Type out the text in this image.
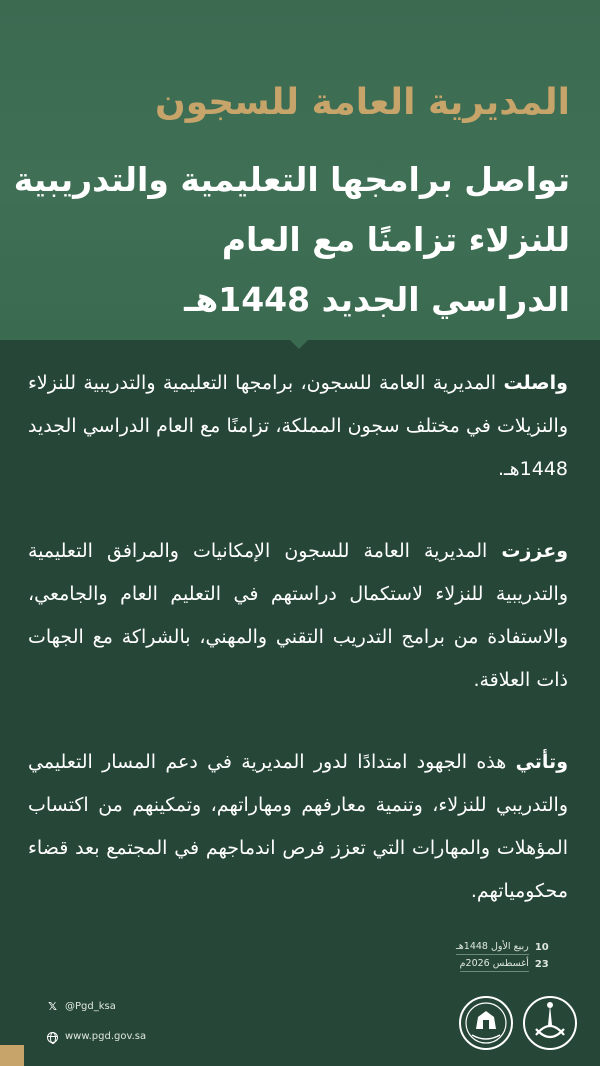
المديرية العامة للسجون
تواصل برامجها التعليمية والتدريبية
للنزلاء تزامنًا مع العام
الدراسي الجديد 1448هـ

واصلت المديرية العامة للسجون، برامجها التعليمية والتدريبية للنزلاء والنزيلات في مختلف سجون المملكة، تزامنًا مع العام الدراسي الجديد 1448هـ.

وعززت المديرية العامة للسجون الإمكانيات والمرافق التعليمية والتدريبية للنزلاء لاستكمال دراستهم في التعليم العام والجامعي، والاستفادة من برامج التدريب التقني والمهني، بالشراكة مع الجهات ذات العلاقة.

وتأتي هذه الجهود امتدادًا لدور المديرية في دعم المسار التعليمي والتدريبي للنزلاء، وتنمية معارفهم ومهاراتهم، وتمكينهم من اكتساب المؤهلات والمهارات التي تعزز فرص اندماجهم في المجتمع بعد قضاء محكومياتهم.

10
ربيع الأول 1448هـ
23
أغسطس 2026م
𝕏 @Pgd_ksa
www.pgd.gov.sa
